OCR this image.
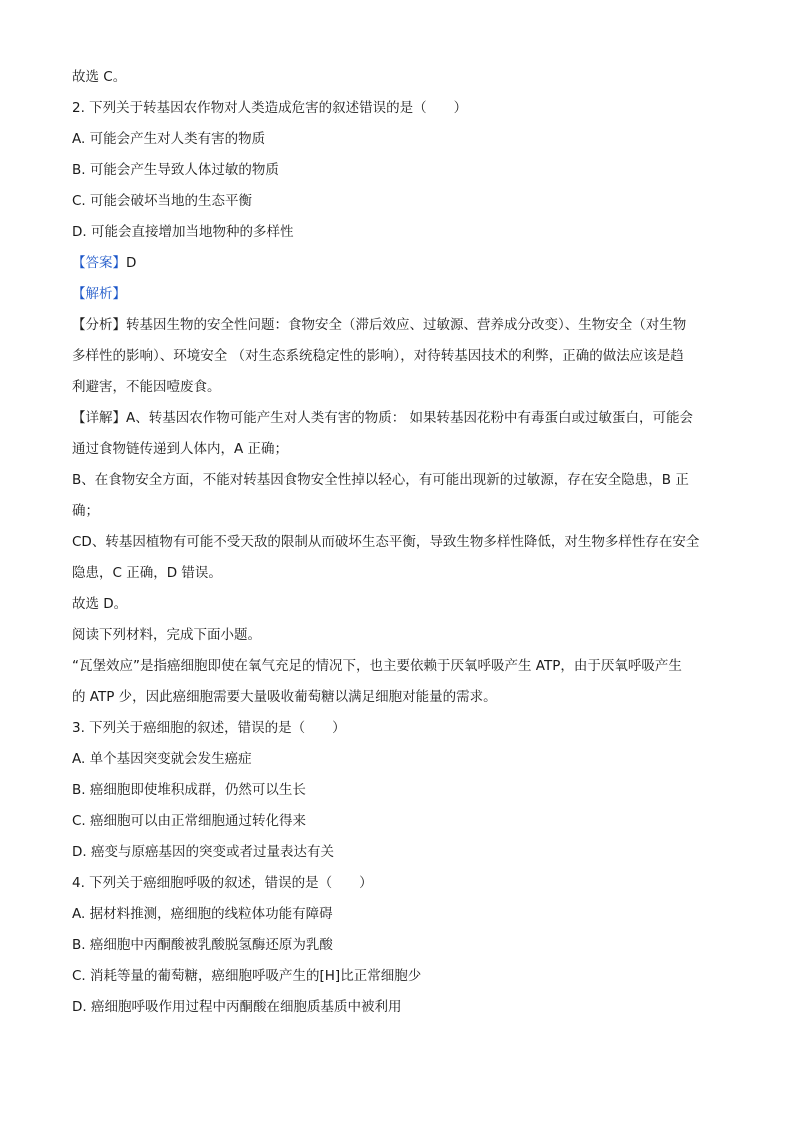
故选 C。
2. 下列关于转基因农作物对人类造成危害的叙述错误的是（　　）
A. 可能会产生对人类有害的物质
B. 可能会产生导致人体过敏的物质
C. 可能会破坏当地的生态平衡
D. 可能会直接增加当地物种的多样性
【答案】D
【解析】
【分析】转基因生物的安全性问题：食物安全（滞后效应、过敏源、营养成分改变）、生物安全（对生物
多样性的影响）、环境安全 （对生态系统稳定性的影响），对待转基因技术的利弊，正确的做法应该是趋
利避害，不能因噎废食。
【详解】A、转基因农作物可能产生对人类有害的物质： 如果转基因花粉中有毒蛋白或过敏蛋白，可能会
通过食物链传递到人体内，A 正确；
B、在食物安全方面，不能对转基因食物安全性掉以轻心，有可能出现新的过敏源，存在安全隐患，B 正
确；
CD、转基因植物有可能不受天敌的限制从而破坏生态平衡，导致生物多样性降低，对生物多样性存在安全
隐患，C 正确，D 错误。
故选 D。
阅读下列材料，完成下面小题。
“瓦堡效应”是指癌细胞即使在氧气充足的情况下，也主要依赖于厌氧呼吸产生 ATP，由于厌氧呼吸产生
的 ATP 少，因此癌细胞需要大量吸收葡萄糖以满足细胞对能量的需求。
3. 下列关于癌细胞的叙述，错误的是（　　）
A. 单个基因突变就会发生癌症
B. 癌细胞即使堆积成群，仍然可以生长
C. 癌细胞可以由正常细胞通过转化得来
D. 癌变与原癌基因的突变或者过量表达有关
4. 下列关于癌细胞呼吸的叙述，错误的是（　　）
A. 据材料推测，癌细胞的线粒体功能有障碍
B. 癌细胞中丙酮酸被乳酸脱氢酶还原为乳酸
C. 消耗等量的葡萄糖，癌细胞呼吸产生的[H]比正常细胞少
D. 癌细胞呼吸作用过程中丙酮酸在细胞质基质中被利用
